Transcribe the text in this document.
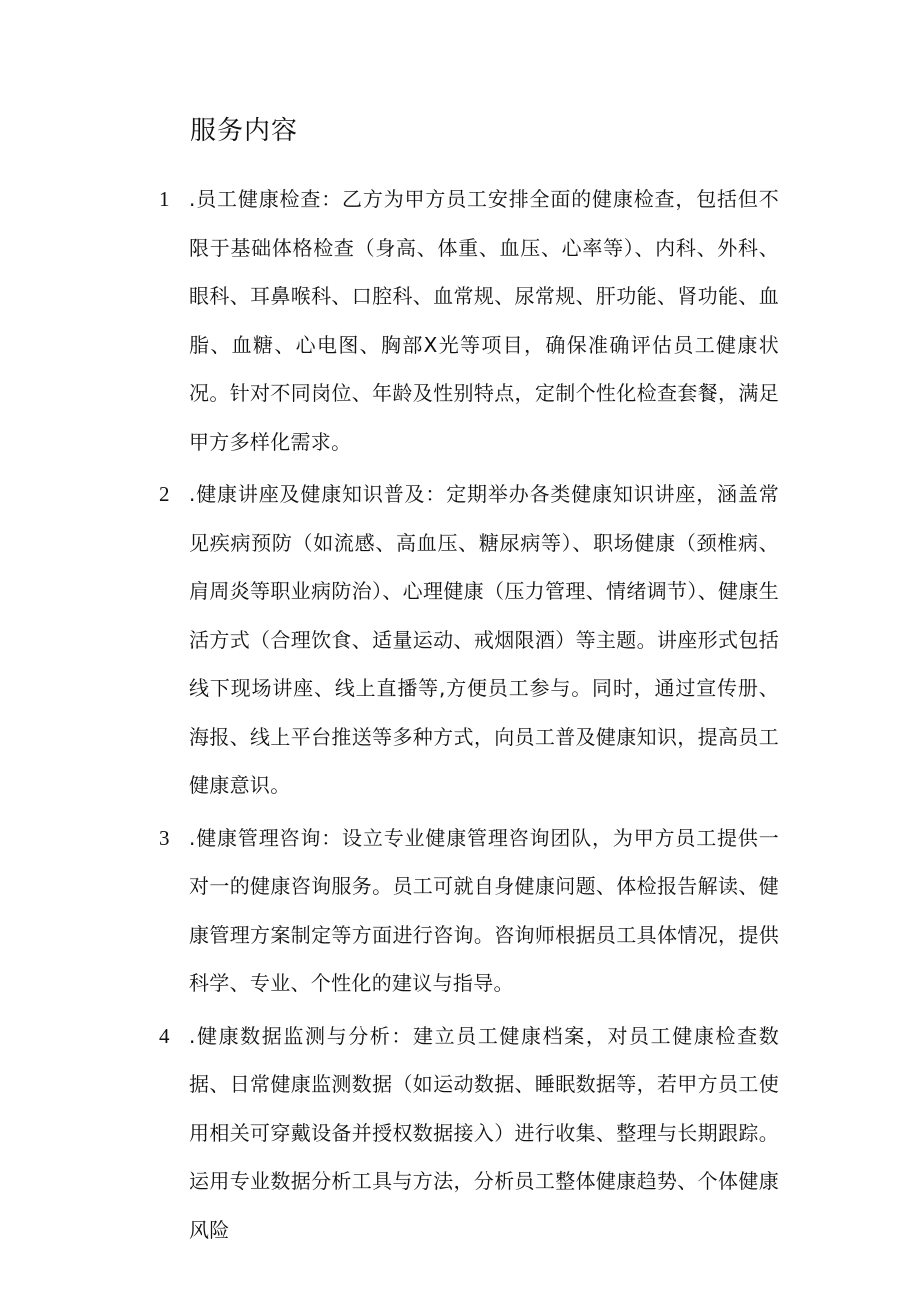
服务内容
1 .员工健康检查：乙方为甲方员工安排全面的健康检查，包括但不限于基础体格检查（身高、体重、血压、心率等）、内科、外科、眼科、耳鼻喉科、口腔科、血常规、尿常规、肝功能、肾功能、血脂、血糖、心电图、胸部X光等项目，确保准确评估员工健康状况。针对不同岗位、年龄及性别特点，定制个性化检查套餐，满足甲方多样化需求。
2 .健康讲座及健康知识普及：定期举办各类健康知识讲座，涵盖常见疾病预防（如流感、高血压、糖尿病等）、职场健康（颈椎病、肩周炎等职业病防治）、心理健康（压力管理、情绪调节）、健康生活方式（合理饮食、适量运动、戒烟限酒）等主题。讲座形式包括线下现场讲座、线上直播等,方便员工参与。同时，通过宣传册、海报、线上平台推送等多种方式，向员工普及健康知识，提高员工健康意识。
3 .健康管理咨询：设立专业健康管理咨询团队，为甲方员工提供一对一的健康咨询服务。员工可就自身健康问题、体检报告解读、健康管理方案制定等方面进行咨询。咨询师根据员工具体情况，提供科学、专业、个性化的建议与指导。
4 .健康数据监测与分析：建立员工健康档案，对员工健康检查数据、日常健康监测数据（如运动数据、睡眠数据等，若甲方员工使用相关可穿戴设备并授权数据接入）进行收集、整理与长期跟踪。运用专业数据分析工具与方法，分析员工整体健康趋势、个体健康风险
